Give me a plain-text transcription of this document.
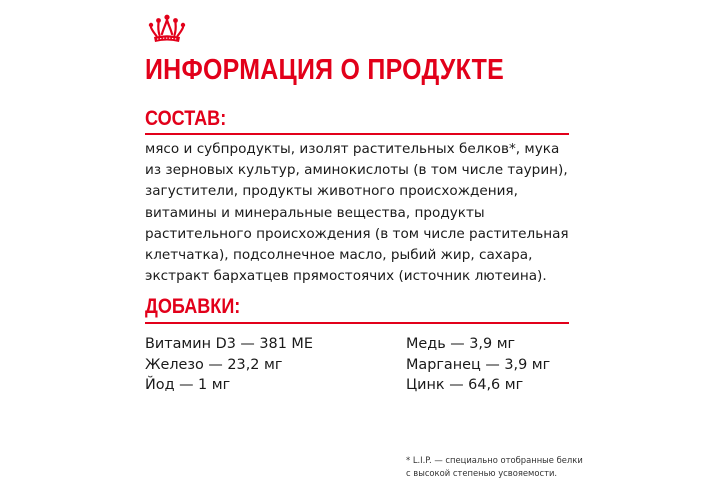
ИНФОРМАЦИЯ О ПРОДУКТЕ
СОСТАВ:
мясо и субпродукты, изолят растительных белков*, мука
из зерновых культур, аминокислоты (в том числе таурин),
загустители, продукты животного происхождения,
витамины и минеральные вещества, продукты
растительного происхождения (в том числе растительная
клетчатка), подсолнечное масло, рыбий жир, сахара,
экстракт бархатцев прямостоячих (источник лютеина).
ДОБАВКИ:
Витамин D3 — 381 МЕ
Железо — 23,2 мг
Йод — 1 мг
Медь — 3,9 мг
Марганец — 3,9 мг
Цинк — 64,6 мг
* L.I.P. — специально отобранные белки
с высокой степенью усвояемости.
